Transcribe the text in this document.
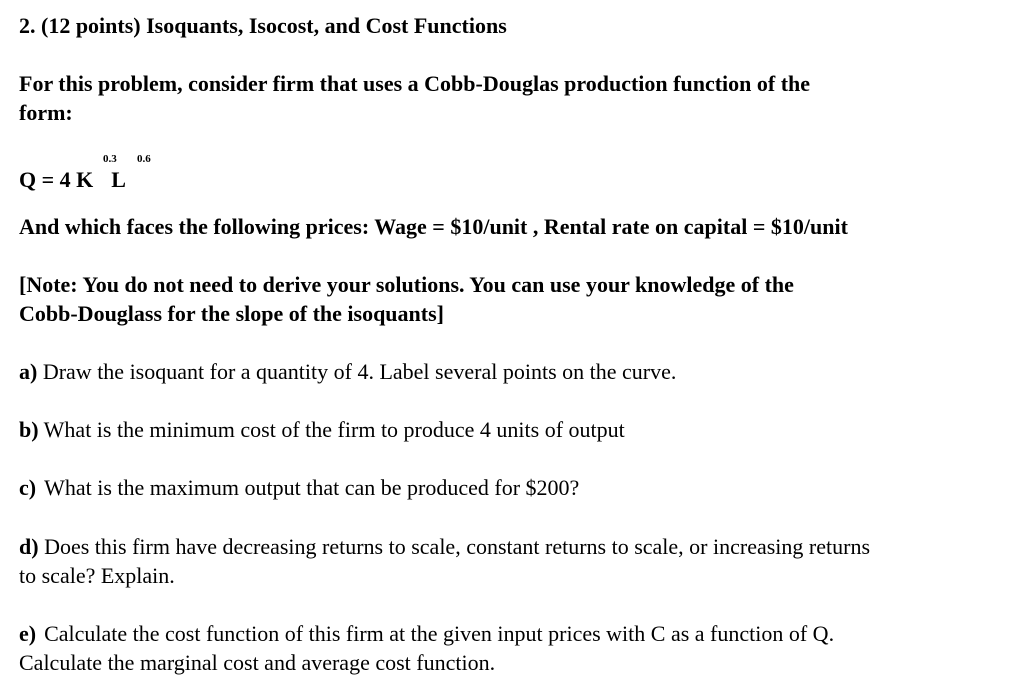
2. (12 points) Isoquants, Isocost, and Cost Functions
For this problem, consider firm that uses a Cobb-Douglas production function of the
form:
0.3 0.6
Q = 4 K L
And which faces the following prices: Wage = $10/unit , Rental rate on capital = $10/unit
[Note: You do not need to derive your solutions. You can use your knowledge of the
Cobb-Douglass for the slope of the isoquants]
a) Draw the isoquant for a quantity of 4. Label several points on the curve.
b) What is the minimum cost of the firm to produce 4 units of output
c) What is the maximum output that can be produced for $200?
d) Does this firm have decreasing returns to scale, constant returns to scale, or increasing returns
to scale? Explain.
e) Calculate the cost function of this firm at the given input prices with C as a function of Q.
Calculate the marginal cost and average cost function.
